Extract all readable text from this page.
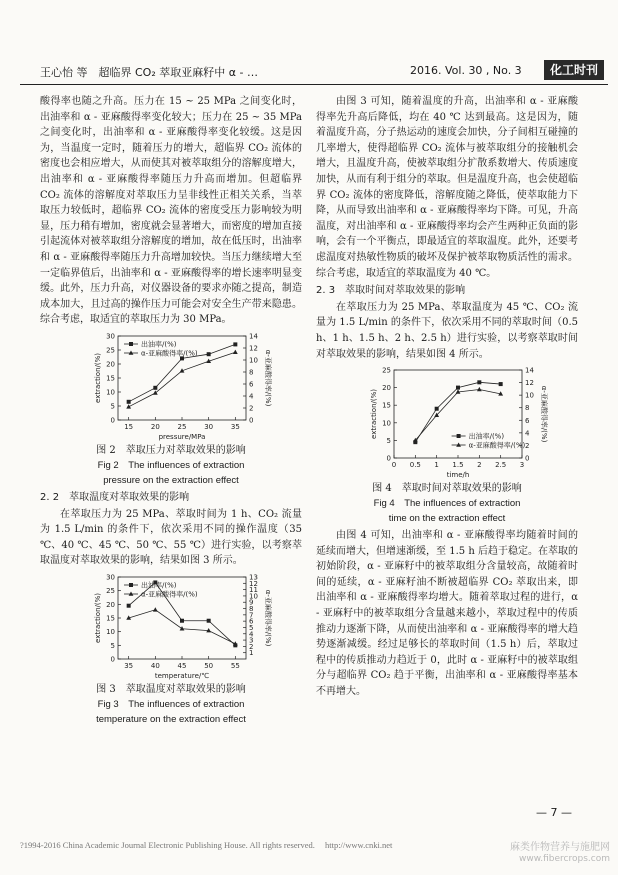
王心怡 等　 超临界 CO₂ 萃取亚麻籽中 α - …	2016. Vol. 30 , No. 3	化工时刊

酸得率也随之升高。压力在 15 ~ 25 MPa 之间变化时，出油率和 α - 亚麻酸得率变化较大；压力在 25 ~ 35 MPa 之间变化时，出油率和 α - 亚麻酸得率变化较缓。这是因为，当温度一定时，随着压力的增大，超临界 CO₂ 流体的密度也会相应增大，从而使其对被萃取组分的溶解度增大，出油率和 α - 亚麻酸得率随压力升高而增加。但超临界 CO₂ 流体的溶解度对萃取压力呈非线性正相关关系，当萃取压力较低时，超临界 CO₂ 流体的密度受压力影响较为明显，压力稍有增加，密度就会显著增大，而密度的增加直接引起流体对被萃取组分溶解度的增加，故在低压时，出油率和 α - 亚麻酸得率随压力升高增加较快。当压力继续增大至一定临界值后，出油率和 α - 亚麻酸得率的增长速率明显变缓。此外，压力升高，对仪器设备的要求亦随之提高，制造成本加大，且过高的操作压力可能会对安全生产带来隐患。综合考虑，取适宜的萃取压力为 30 MPa。

15	20	25	30	35
0
5
10
15
20
25
30
0
2
4
6
8
10
12
14
pressure/MPa
extraction/(%)	α-亚麻酸得率/(%)
出油率/(%)
α-亚麻酸得率/(%)
图 2　萃取压力对萃取效果的影响
Fig 2　The influences of extraction
pressure on the extraction effect
2. 2　萃取温度对萃取效果的影响

在萃取压力为 25 MPa、萃取时间为 1 h、CO₂ 流量为 1.5 L/min 的条件下，依次采用不同的操作温度（35 ℃、40 ℃、45 ℃、50 ℃、55 ℃）进行实验，以考察萃取温度对萃取效果的影响，结果如图 3 所示。

35	40	45	50	55
0
5
10
15
20
25
30
1
2
3
4
5
6
7
8
9
10
11
12
13
temperature/℃
extraction/(%)	α-亚麻酸得率/(%)
出油率/(%)
α-亚麻酸得率/(%)
图 3　萃取温度对萃取效果的影响
Fig 3　The influences of extraction
temperature on the extraction effect

由图 3 可知，随着温度的升高，出油率和 α - 亚麻酸得率先升高后降低，均在 40 ℃ 达到最高。这是因为，随着温度升高，分子热运动的速度会加快，分子间相互碰撞的几率增大，使得超临界 CO₂ 流体与被萃取组分的接触机会增大，且温度升高，使被萃取组分扩散系数增大、传质速度加快，从而有利于组分的萃取。但是温度升高，也会使超临界 CO₂ 流体的密度降低，溶解度随之降低，使萃取能力下降，从而导致出油率和 α - 亚麻酸得率均下降。可见，升高温度，对出油率和 α - 亚麻酸得率均会产生两种正负面的影响，会有一个平衡点，即最适宜的萃取温度。此外，还要考虑温度对热敏性物质的破坏及保护被萃取物质活性的需求。综合考虑，取适宜的萃取温度为 40 ℃。

2. 3　萃取时间对萃取效果的影响

在萃取压力为 25 MPa、萃取温度为 45 ℃、CO₂ 流量为 1.5 L/min 的条件下，依次采用不同的萃取时间（0.5 h、1 h、1.5 h、2 h、2.5 h）进行实验，以考察萃取时间对萃取效果的影响，结果如图 4 所示。

0 0.5 1 1.5 2 2.5 3
0
5
10
15
20
25
0
2
4
6
8
10
12
14
time/h
extraction/(%)	α-亚麻酸得率/(%)
出油率/(%)
α-亚麻酸得率/(%)
图 4　萃取时间对萃取效果的影响
Fig 4　The influences of extraction
time on the extraction effect

由图 4 可知，出油率和 α - 亚麻酸得率均随着时间的延续而增大，但增速渐缓，至 1.5 h 后趋于稳定。在萃取的初始阶段，α - 亚麻籽中的被萃取组分含量较高，故随着时间的延续，α - 亚麻籽油不断被超临界 CO₂ 萃取出来，即出油率和 α - 亚麻酸得率均增大。随着萃取过程的进行，α - 亚麻籽中的被萃取组分含量越来越小，萃取过程中的传质推动力逐渐下降，从而使出油率和 α - 亚麻酸得率的增大趋势逐渐减缓。经过足够长的萃取时间（1.5 h）后，萃取过程中的传质推动力趋近于 0，此时 α - 亚麻籽中的被萃取组分与超临界 CO₂ 趋于平衡，出油率和 α - 亚麻酸得率基本不再增大。

— 7 —
?1994-2016 China Academic Journal Electronic Publishing House. All rights reserved. http://www.cnki.net	麻类作物营养与施肥网
www.fibercrops.com
